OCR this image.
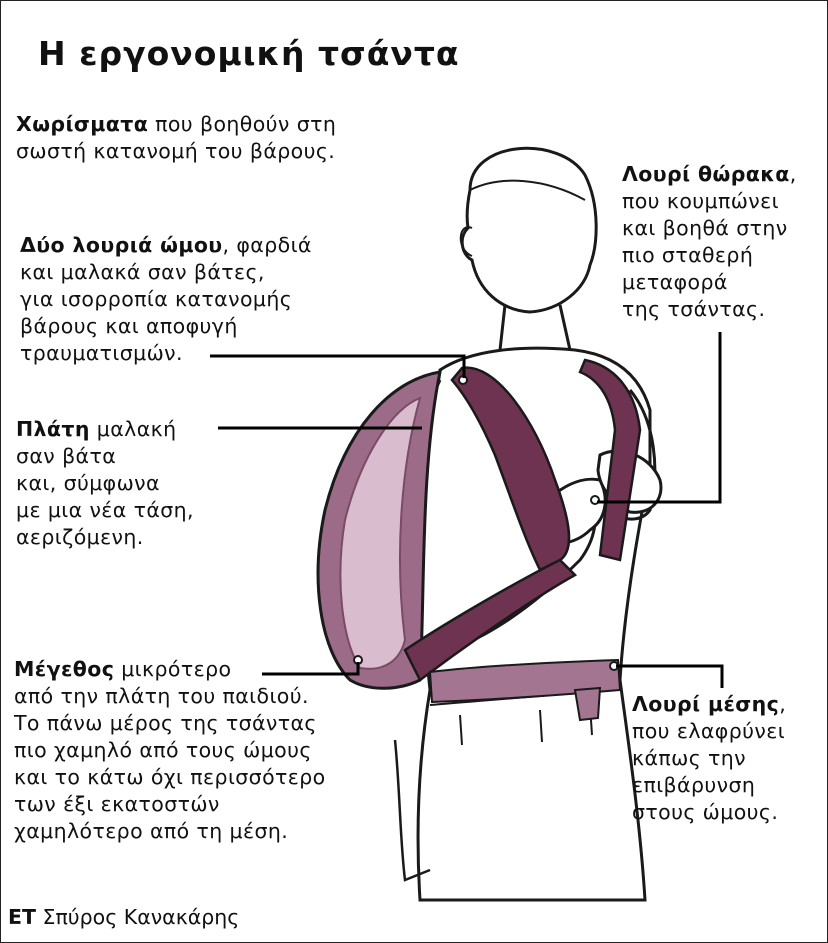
Η εργονομική τσάντα
Χωρίσματα που βοηθούν στη
σωστή κατανομή του βάρους.
Δύο λουριά ώμου, φαρδιά
και μαλακά σαν βάτες,
για ισορροπία κατανομής
βάρους και αποφυγή
τραυματισμών.
Πλάτη μαλακή
σαν βάτα
και, σύμφωνα
με μια νέα τάση,
αεριζόμενη.
Μέγεθος μικρότερο
από την πλάτη του παιδιού.
Το πάνω μέρος της τσάντας
πιο χαμηλό από τους ώμους
και το κάτω όχι περισσότερο
των έξι εκατοστών
χαμηλότερο από τη μέση.
Λουρί θώρακα,
που κουμπώνει
και βοηθά στην
πιο σταθερή
μεταφορά
της τσάντας.
Λουρί μέσης,
που ελαφρύνει
κάπως την
επιβάρυνση
στους ώμους.
ΕΤ Σπύρος Κανακάρης
